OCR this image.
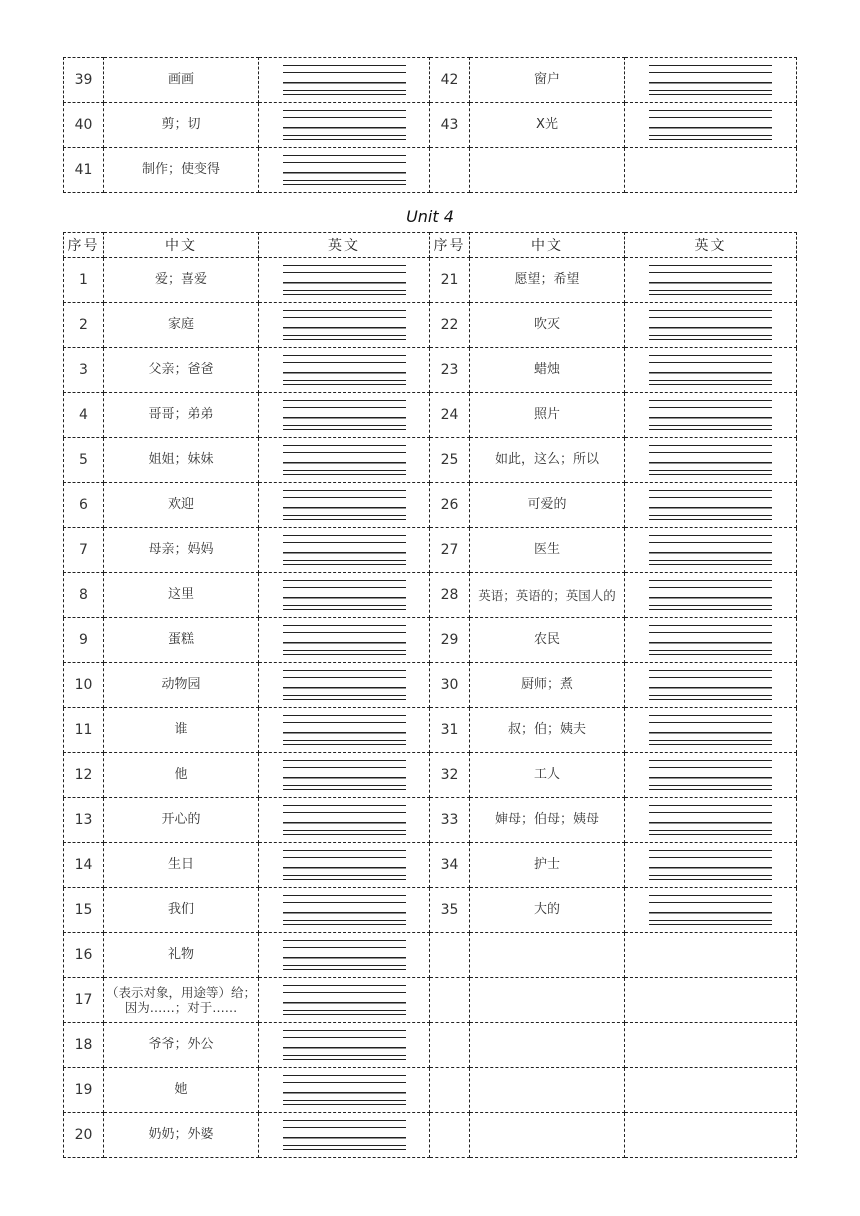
39	画画		42	窗户	

40	剪；切		43	X光	

41	制作；使变得	

Unit 4
序号	中文	英文	序号	中文	英文
1	爱；喜爱		21	愿望；希望	

2	家庭		22	吹灭	

3	父亲；爸爸		23	蜡烛	

4	哥哥；弟弟		24	照片	

5	姐姐；妹妹		25	如此，这么；所以	

6	欢迎		26	可爱的	

7	母亲；妈妈		27	医生	

8	这里		28	英语；英语的；英国人的	

9	蛋糕		29	农民	

10	动物园		30	厨师；煮	

11	谁		31	叔；伯；姨夫	

12	他		32	工人	

13	开心的		33	婶母；伯母；姨母	

14	生日		34	护士	

15	我们		35	大的	

16	礼物	

17	（表示对象，用途等）给；因为……；对于……	

18	爷爷；外公	

19	她	

20	奶奶；外婆	
